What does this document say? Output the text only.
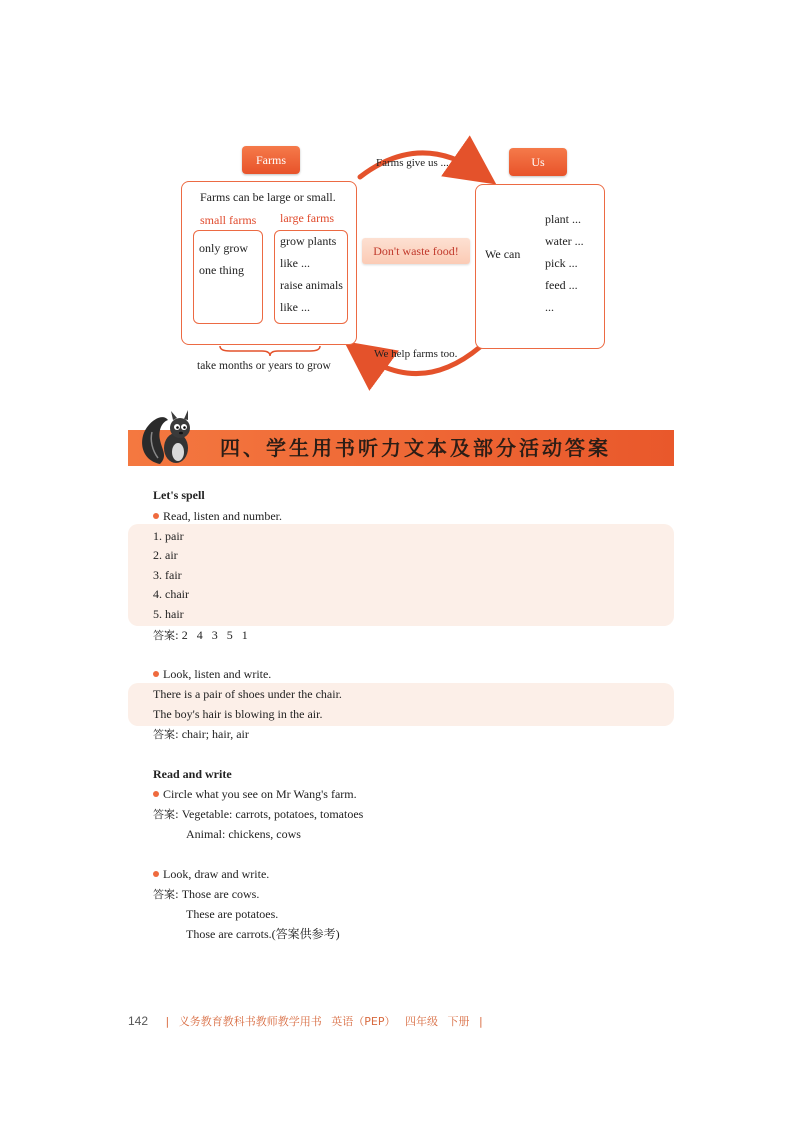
Farms	Us
Farms give us ...
We help farms too.
Farms can be large or small.
small farms large farms
only grow
one thing
grow plants
like ...
raise animals
like ...
take months or years to grow
Don't waste food!	We can
plant ...
water ...
pick ...
feed ...
...
四、学生用书听力文本及部分活动答案
Let's spell
Read, listen and number.
1. pair
2. air
3. fair
4. chair
5. hair
答案: 2   4   3   5   1
Look, listen and write.
There is a pair of shoes under the chair.
The boy's hair is blowing in the air.
答案: chair; hair, air
Read and write
Circle what you see on Mr Wang's farm.
答案: Vegetable: carrots, potatoes, tomatoes
Animal: chickens, cows
Look, draw and write.
答案: Those are cows.
These are potatoes.
Those are carrots.(答案供参考)
142 | 义务教育教科书教师教学用书 英语（PEP） 四年级 下册 |
